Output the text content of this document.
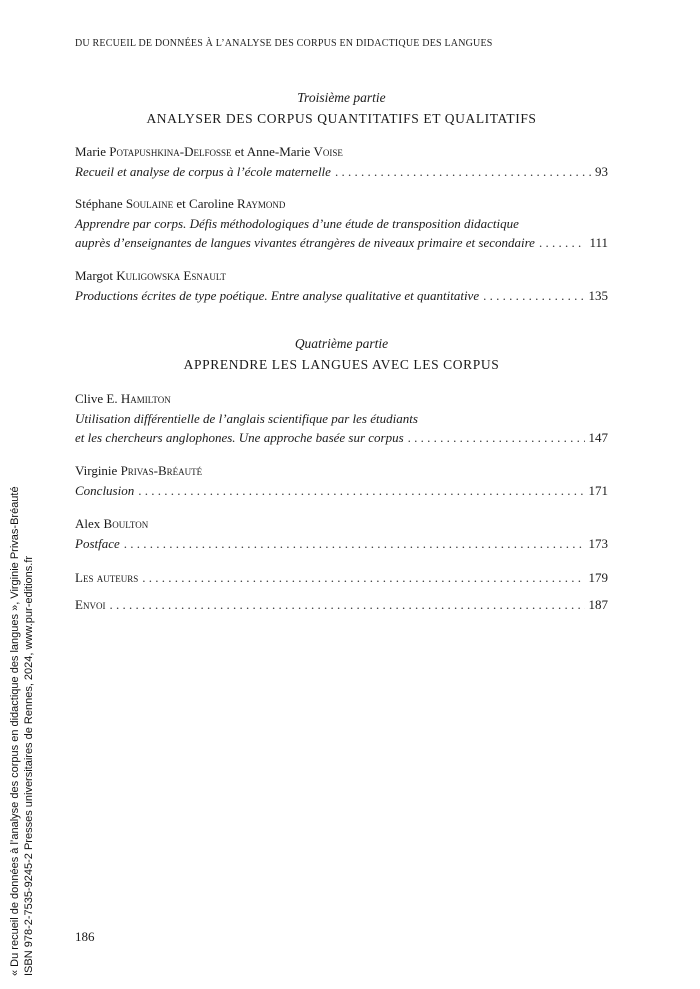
DU RECUEIL DE DONNÉES À L’ANALYSE DES CORPUS EN DIDACTIQUE DES LANGUES
Troisième partie
ANALYSER DES CORPUS QUANTITATIFS ET QUALITATIFS
Marie Potapushkina-Delfosse et Anne-Marie Voise
Recueil et analyse de corpus à l’école maternelle . . .	93
Stéphane Soulaine et Caroline Raymond
Apprendre par corps. Défis méthodologiques d’une étude de transposition didactique
auprès d’enseignantes de langues vivantes étrangères de niveaux primaire et secondaire . . .	111
Margot Kuligowska Esnault
Productions écrites de type poétique. Entre analyse qualitative et quantitative . . .	135
Quatrième partie
APPRENDRE LES LANGUES AVEC LES CORPUS
Clive E. Hamilton
Utilisation différentielle de l’anglais scientifique par les étudiants
et les chercheurs anglophones. Une approche basée sur corpus . . .	147
Virginie Privas-Bréauté
Conclusion . . .	171
Alex Boulton
Postface . . .	173
Les auteurs . . .	179
Envoi . . .	187
« Du recueil de données à l’analyse des corpus en didactique des langues », Virginie Privas-Bréauté ISBN 978-2-7535-9245-2 Presses universitaires de Rennes, 2024, www.pur-editions.fr	186
